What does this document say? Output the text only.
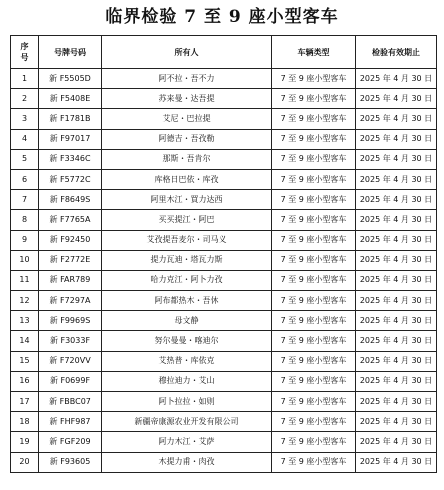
临界检验 7 至 9 座小型客车
序号	号牌号码	所有人	车辆类型	检验有效期止
1	新 F5505D	阿不拉・吾不力	7 至 9 座小型客车	2025 年 4 月 30 日
2	新 F5408E	苏来曼・达吾提	7 至 9 座小型客车	2025 年 4 月 30 日
3	新 F1781B	艾尼・巴拉提	7 至 9 座小型客车	2025 年 4 月 30 日
4	新 F97017	阿德吉・吾孜勒	7 至 9 座小型客车	2025 年 4 月 30 日
5	新 F3346C	那斯・吾肯尔	7 至 9 座小型客车	2025 年 4 月 30 日
6	新 F5772C	库格日巴依・库孜	7 至 9 座小型客车	2025 年 4 月 30 日
7	新 F8649S	阿里木江・買力达西	7 至 9 座小型客车	2025 年 4 月 30 日
8	新 F7765A	买买提江・阿巴	7 至 9 座小型客车	2025 年 4 月 30 日
9	新 F92450	艾孜提吾麦尔・司马义	7 至 9 座小型客车	2025 年 4 月 30 日
10	新 F2772E	提力瓦迪・塔瓦力斯	7 至 9 座小型客车	2025 年 4 月 30 日
11	新 FAR789	哈力克江・阿卜力孜	7 至 9 座小型客车	2025 年 4 月 30 日
12	新 F7297A	阿布都热木・吾休	7 至 9 座小型客车	2025 年 4 月 30 日
13	新 F9969S	母文静	7 至 9 座小型客车	2025 年 4 月 30 日
14	新 F3033F	努尔曼曼・喀迪尔	7 至 9 座小型客车	2025 年 4 月 30 日
15	新 F720VV	艾热普・库依克	7 至 9 座小型客车	2025 年 4 月 30 日
16	新 F0699F	穆拉迪力・艾山	7 至 9 座小型客车	2025 年 4 月 30 日
17	新 FBBC07	阿卜拉拉・如则	7 至 9 座小型客车	2025 年 4 月 30 日
18	新 FHF987	新疆帝康源农业开发有限公司	7 至 9 座小型客车	2025 年 4 月 30 日
19	新 FGF209	阿力木江・艾萨	7 至 9 座小型客车	2025 年 4 月 30 日
20	新 F93605	木提力甫・肉孜	7 至 9 座小型客车	2025 年 4 月 30 日
